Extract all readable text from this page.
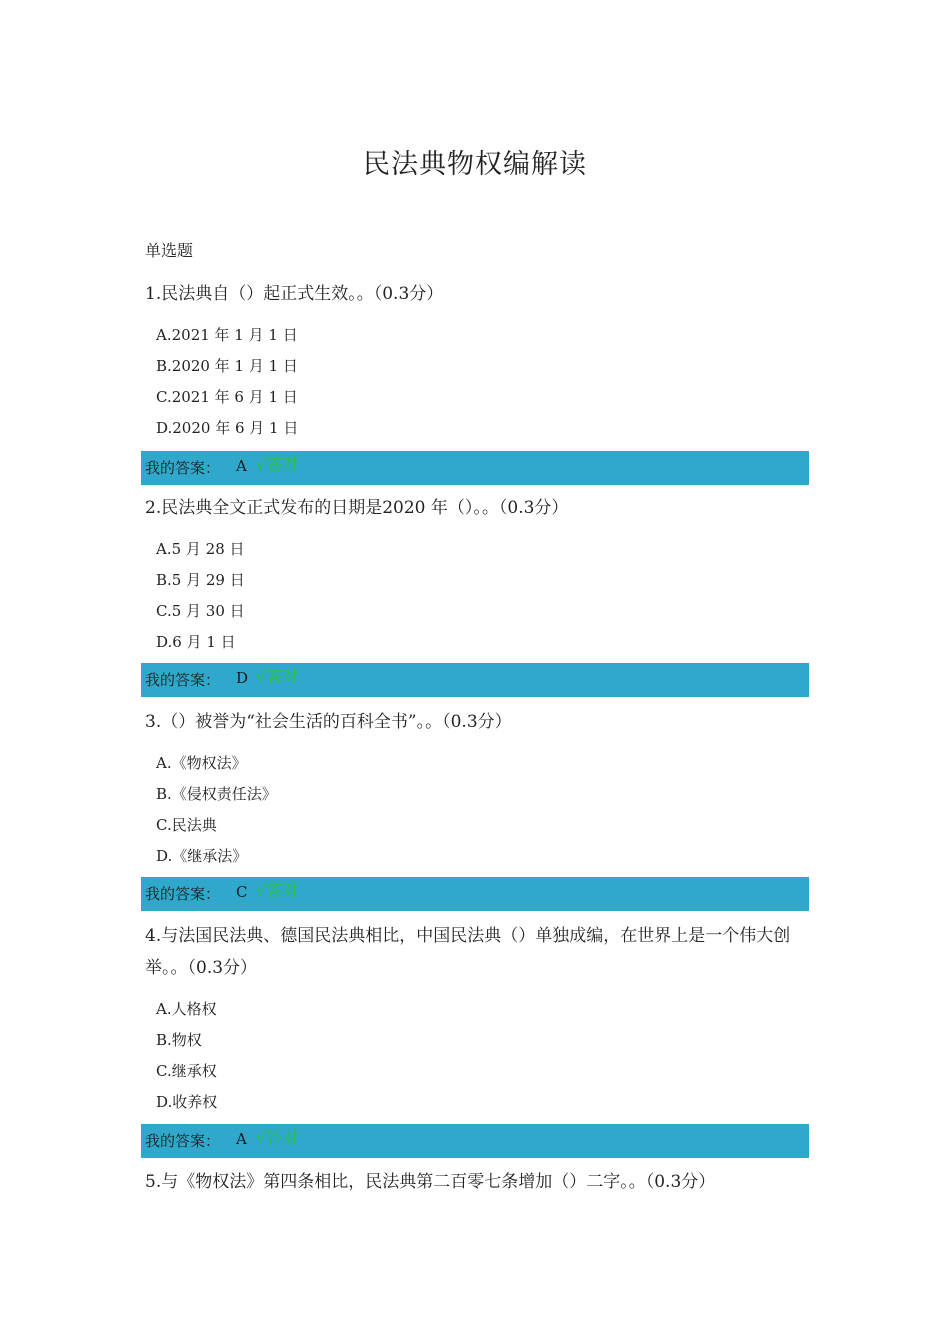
民法典物权编解读
单选题
1.民法典自（）起正式生效。。（0.3分）
A.2021 年 1 月 1 日
B.2020 年 1 月 1 日
C.2021 年 6 月 1 日
D.2020 年 6 月 1 日
我的答案： A √答对
2.民法典全文正式发布的日期是2020 年（）。。（0.3分）
A.5 月 28 日
B.5 月 29 日
C.5 月 30 日
D.6 月 1 日
我的答案： D √答对
3.（）被誉为“社会生活的百科全书”。。（0.3分）
A.《物权法》
B.《侵权责任法》
C.民法典
D.《继承法》
我的答案： C √答对
4.与法国民法典、德国民法典相比，中国民法典（）单独成编，在世界上是一个伟大创举。。（0.3分）
A.人格权
B.物权
C.继承权
D.收养权
我的答案： A √答对
5.与《物权法》第四条相比，民法典第二百零七条增加（）二字。。（0.3分）
